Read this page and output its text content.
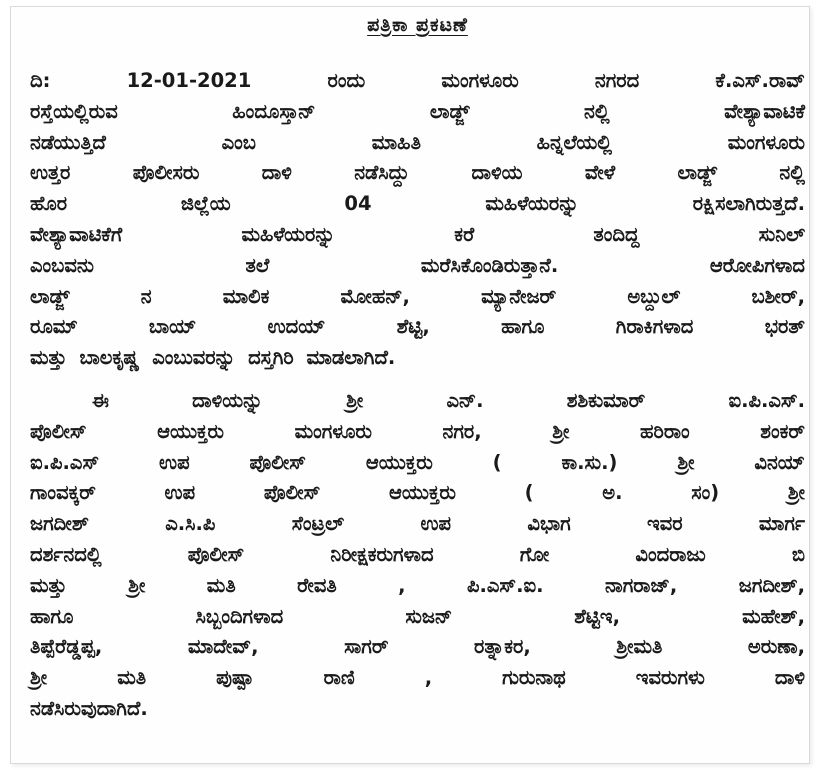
ಪತ್ರಿಕಾ ಪ್ರಕಟಣೆ
ದಿ: 12-01-2021 ರಂದು ಮಂಗಳೂರು ನಗರದ ಕೆ.ಎಸ್.ರಾವ್
ರಸ್ತೆಯಲ್ಲಿರುವ ಹಿಂದೂಸ್ತಾನ್ ಲಾಡ್ಜ್ ನಲ್ಲಿ ವೇಶ್ಯಾವಾಟಿಕೆ
ನಡೆಯುತ್ತಿದೆ ಎಂಬ ಮಾಹಿತಿ ಹಿನ್ನಲೆಯಲ್ಲಿ ಮಂಗಳೂರು
ಉತ್ತರ ಪೊಲೀಸರು ದಾಳಿ ನಡೆಸಿದ್ದು ದಾಳಿಯ ವೇಳೆ ಲಾಡ್ಜ್ ನಲ್ಲಿ
ಹೊರ ಜಿಲ್ಲೆಯ 04 ಮಹಿಳೆಯರನ್ನು ರಕ್ಷಿಸಲಾಗಿರುತ್ತದೆ.
ವೇಶ್ಯಾವಾಟಿಕೆಗೆ ಮಹಿಳೆಯರನ್ನು ಕರೆ ತಂದಿದ್ದ ಸುನಿಲ್
ಎಂಬವನು ತಲೆ ಮರೆಸಿಕೊಂಡಿರುತ್ತಾನೆ. ಆರೋಪಿಗಳಾದ
ಲಾಡ್ಜ್ ನ ಮಾಲಿಕ ಮೋಹನ್, ಮ್ಯಾನೇಜರ್ ಅಬ್ದುಲ್ ಬಶೀರ್,
ರೂಮ್ ಬಾಯ್ ಉದಯ್ ಶೆಟ್ಟಿ, ಹಾಗೂ ಗಿರಾಕಿಗಳಾದ ಭರತ್
ಮತ್ತು ಬಾಲಕೃಷ್ಣ ಎಂಬುವರನ್ನು ದಸ್ತಗಿರಿ ಮಾಡಲಾಗಿದೆ.
ಈ ದಾಳಿಯನ್ನು ಶ್ರೀ ಎನ್. ಶಶಿಕುಮಾರ್ ಐ.ಪಿ.ಎಸ್.
ಪೊಲೀಸ್ ಆಯುಕ್ತರು ಮಂಗಳೂರು ನಗರ, ಶ್ರೀ ಹರಿರಾಂ ಶಂಕರ್
ಐ.ಪಿ.ಎಸ್ ಉಪ ಪೊಲೀಸ್ ಆಯುಕ್ತರು ( ಕಾ.ಸು.) ಶ್ರೀ ವಿನಯ್
ಗಾಂವಕ್ಕರ್ ಉಪ ಪೊಲೀಸ್ ಆಯುಕ್ತರು ( ಅ. ಸಂ) ಶ್ರೀ
ಜಗದೀಶ್ ಎ.ಸಿ.ಪಿ ಸೆಂಟ್ರಲ್ ಉಪ ವಿಭಾಗ ಇವರ ಮಾರ್ಗ
ದರ್ಶನದಲ್ಲಿ ಪೊಲೀಸ್ ನಿರೀಕ್ಷಕರುಗಳಾದ ಗೋ ವಿಂದರಾಜು ಬಿ
ಮತ್ತು ಶ್ರೀ ಮತಿ ರೇವತಿ , ಪಿ.ಎಸ್.ಐ. ನಾಗರಾಜ್, ಜಗದೀಶ್,
ಹಾಗೂ ಸಿಬ್ಬಂದಿಗಳಾದ ಸುಜನ್ ಶೆಟ್ಟಿಇ, ಮಹೇಶ್,
ತಿಪ್ಪೆರೆಡ್ಡಪ್ಪ, ಮಾದೇವ್, ಸಾಗರ್ ರತ್ನಾಕರ, ಶ್ರೀಮತಿ ಅರುಣಾ,
ಶ್ರೀ ಮತಿ ಪುಷ್ಪಾ ರಾಣಿ , ಗುರುನಾಥ ಇವರುಗಳು ದಾಳಿ
ನಡೆಸಿರುವುದಾಗಿದೆ.
